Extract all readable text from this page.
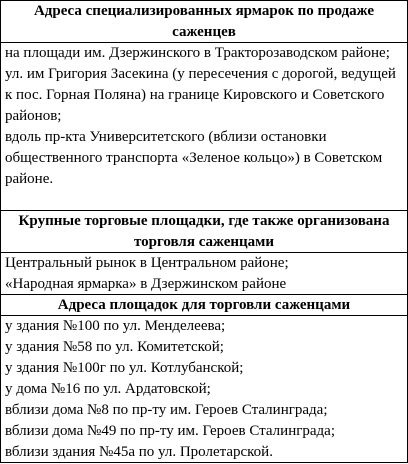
Адреса специализированных ярмарок по продаже саженцев
на площади им. Дзержинского в Тракторозаводском районе;
ул. им Григория Засекина (у пересечения с дорогой, ведущей к пос. Горная Поляна) на границе Кировского и Советского районов;
вдоль пр-кта Университетского (вблизи остановки общественного транспорта «Зеленое кольцо») в Советском районе.
Крупные торговые площадки, где также организована торговля саженцами
Центральный рынок в Центральном районе;
«Народная ярмарка» в Дзержинском районе
Адреса площадок для торговли саженцами
у здания №100 по ул. Менделеева;
у здания №58 по ул. Комитетской;
у здания №100г по ул. Котлубанской;
у дома №16 по ул. Ардатовской;
вблизи дома №8 по пр-ту им. Героев Сталинграда;
вблизи дома №49 по пр-ту им. Героев Сталинграда;
вблизи здания №45а по ул. Пролетарской.
